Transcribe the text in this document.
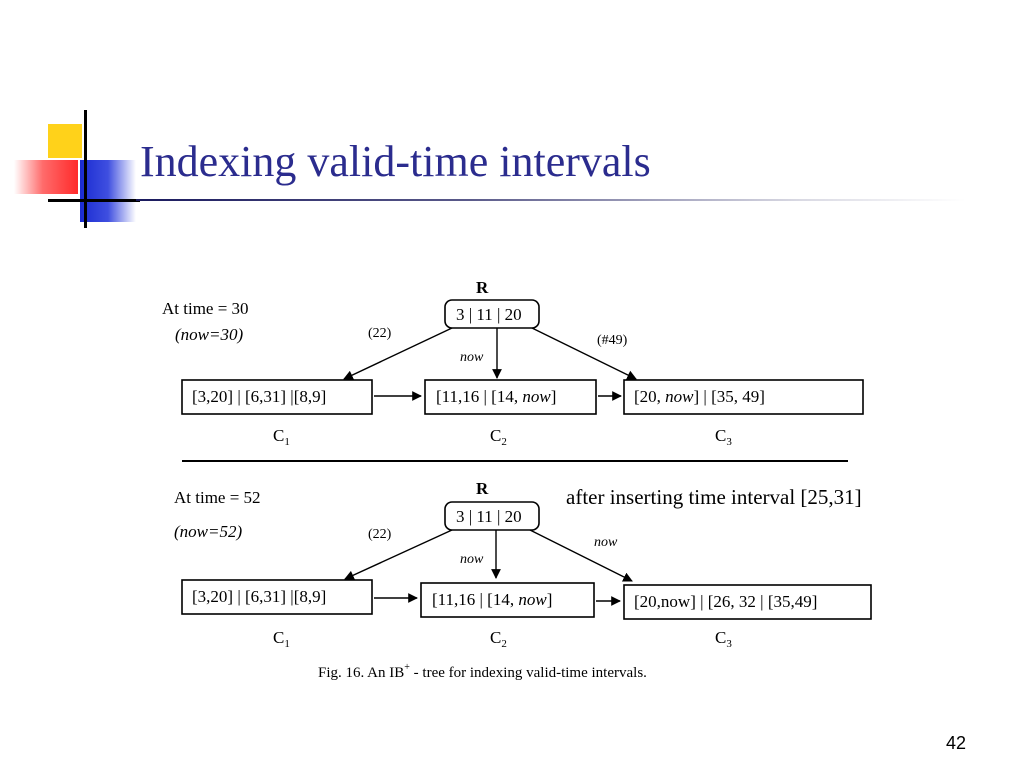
Indexing valid-time intervals
At time = 30
(now=30)
R
3 | 11 | 20
(22)
now
(#49)
[3,20] | [6,31] |[8,9]	[11,16 | [14, now]	[20, now] | [35, 49]
$C_1$	$C_2$	$C_3$
At time = 52
(now=52)
R
3 | 11 | 20
after inserting time interval [25,31]
(22)
now
now
[3,20] | [6,31] |[8,9]	[11,16 | [14, now]	[20,now] | [26, 32 | [35,49]
$C_1$	$C_2$	$C_3$
Fig. 16. An IB+ - tree for indexing valid-time intervals.
42
